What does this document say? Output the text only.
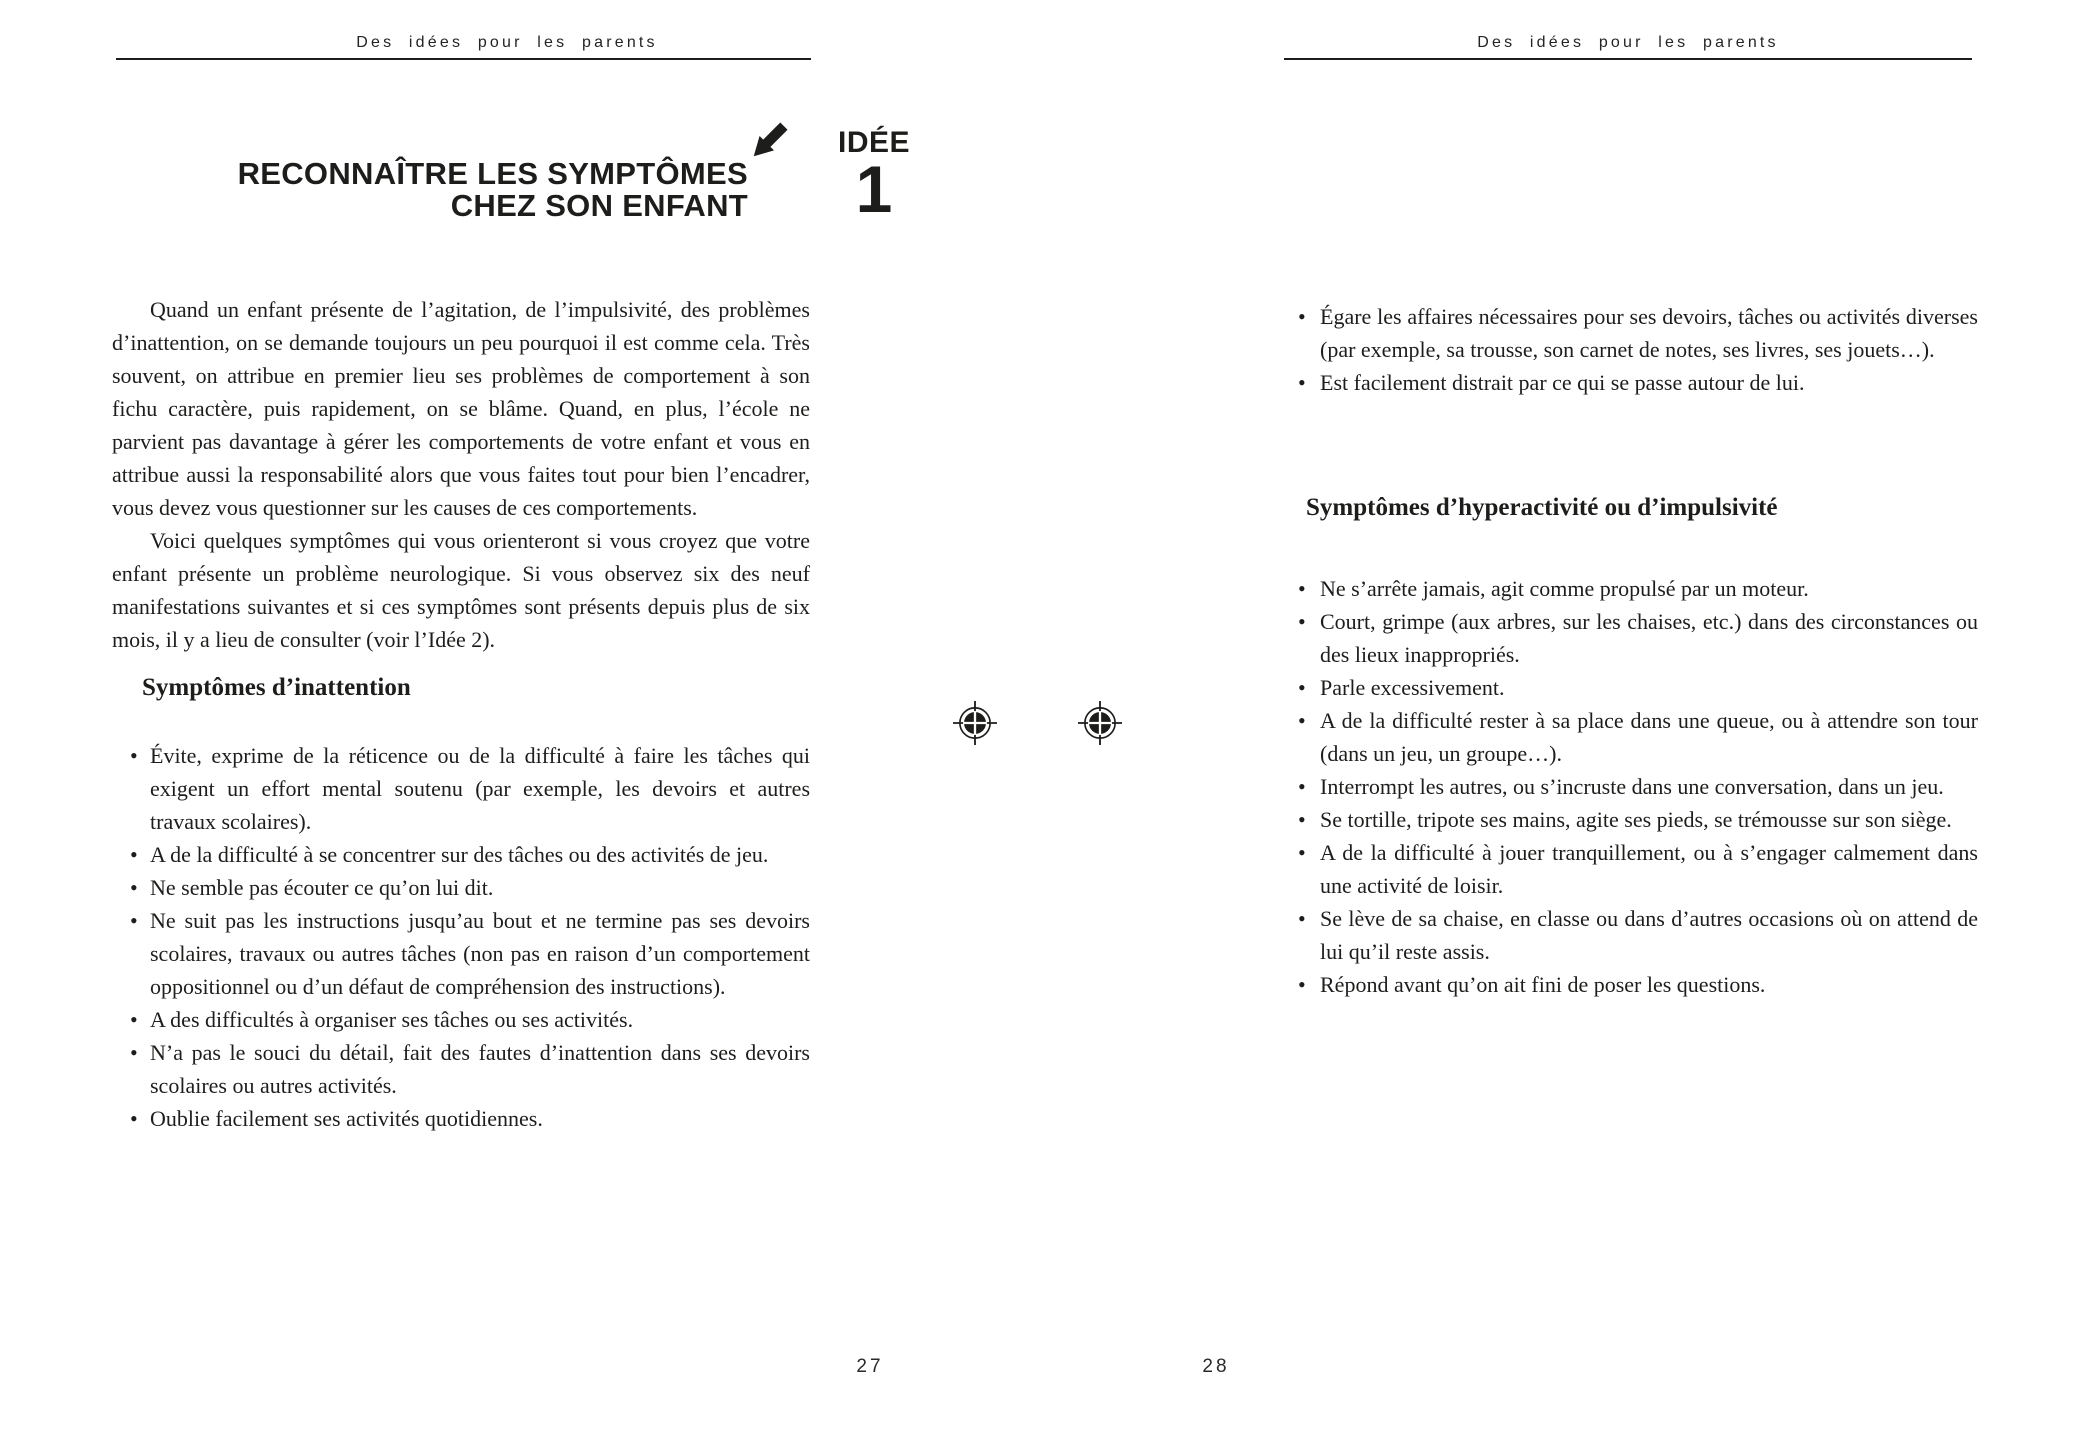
Des idées pour les parents
RECONNAÎTRE LES SYMPTÔMES
CHEZ SON ENFANT
IDÉE
1

Quand un enfant présente de l’agitation, de l’impulsivité, des problèmes d’inattention, on se demande toujours un peu pourquoi il est comme cela. Très souvent, on attribue en premier lieu ses problèmes de comportement à son fichu caractère, puis rapidement, on se blâme. Quand, en plus, l’école ne parvient pas davantage à gérer les comportements de votre enfant et vous en attribue aussi la responsabilité alors que vous faites tout pour bien l’encadrer, vous devez vous questionner sur les causes de ces comportements.

Voici quelques symptômes qui vous orienteront si vous croyez que votre enfant présente un problème neurologique. Si vous observez six des neuf manifestations suivantes et si ces symptômes sont présents depuis plus de six mois, il y a lieu de consulter (voir l’Idée 2).

Symptômes d’inattention
• Évite, exprime de la réticence ou de la difficulté à faire les tâches qui exigent un effort mental soutenu (par exemple, les devoirs et autres travaux scolaires).
• A de la difficulté à se concentrer sur des tâches ou des activités de jeu.
• Ne semble pas écouter ce qu’on lui dit.
• Ne suit pas les instructions jusqu’au bout et ne termine pas ses devoirs scolaires, travaux ou autres tâches (non pas en raison d’un comportement oppositionnel ou d’un défaut de compréhension des instructions).
• A des difficultés à organiser ses tâches ou ses activités.
• N’a pas le souci du détail, fait des fautes d’inattention dans ses devoirs scolaires ou autres activités.
• Oublie facilement ses activités quotidiennes.
27
Des idées pour les parents
• Égare les affaires nécessaires pour ses devoirs, tâches ou activités diverses (par exemple, sa trousse, son carnet de notes, ses livres, ses jouets…).
• Est facilement distrait par ce qui se passe autour de lui.
Symptômes d’hyperactivité ou d’impulsivité
• Ne s’arrête jamais, agit comme propulsé par un moteur.
• Court, grimpe (aux arbres, sur les chaises, etc.) dans des circonstances ou des lieux inappropriés.
• Parle excessivement.
• A de la difficulté rester à sa place dans une queue, ou à attendre son tour (dans un jeu, un groupe…).
• Interrompt les autres, ou s’incruste dans une conversation, dans un jeu.
• Se tortille, tripote ses mains, agite ses pieds, se trémousse sur son siège.
• A de la difficulté à jouer tranquillement, ou à s’engager calmement dans une activité de loisir.
• Se lève de sa chaise, en classe ou dans d’autres occasions où on attend de lui qu’il reste assis.
• Répond avant qu’on ait fini de poser les questions.
28
